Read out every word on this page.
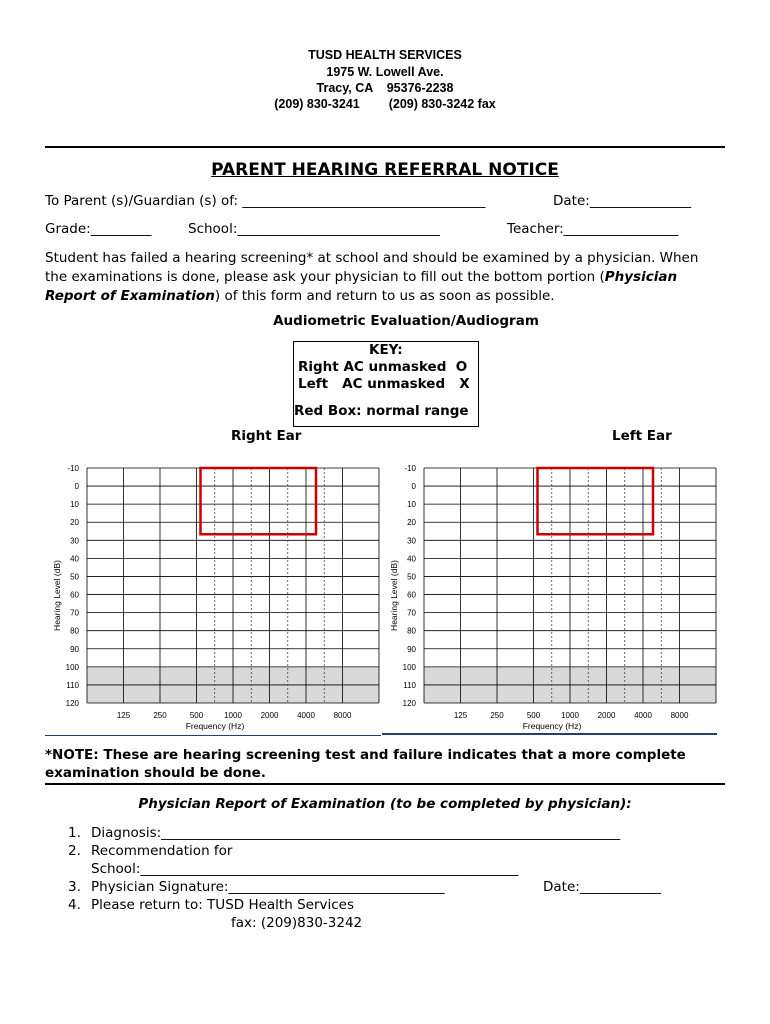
TUSD HEALTH SERVICES
1975 W. Lowell Ave.
Tracy, CA    95376-2238
(209) 830-3241 (209) 830-3242 fax
PARENT HEARING REFERRAL NOTICE
To Parent (s)/Guardian (s) of: ____________________________________	Date:_______________
Grade:_________	School:______________________________	Teacher:_________________
Student has failed a hearing screening* at school and should be examined by a physician. When
the examinations is done, please ask your physician to fill out the bottom portion (Physician
Report of Examination) of this form and return to us as soon as possible.
Audiometric Evaluation/Audiogram
KEY:
Right AC unmasked  O
Left   AC unmasked   X
Red Box: normal range
Right Ear	Left Ear
-10
0
10
20
30
40
50
60
70
80
90
100
110
120
125	250	500	1000 2000 4000 8000
Frequency (Hz)
Hearing Level (dB)
-10
0
10
20
30
40
50
60
70
80
90
100
110
120
125	250	500	1000 2000 4000 8000
Frequency (Hz)
Hearing Level (dB)
*NOTE: These are hearing screening test and failure indicates that a more complete
examination should be done.
Physician Report of Examination (to be completed by physician):
1. Diagnosis:____________________________________________________________________
2. Recommendation for
School:________________________________________________________
3. Physician Signature:________________________________	Date:____________
4. Please return to: TUSD Health Services
fax: (209)830-3242
